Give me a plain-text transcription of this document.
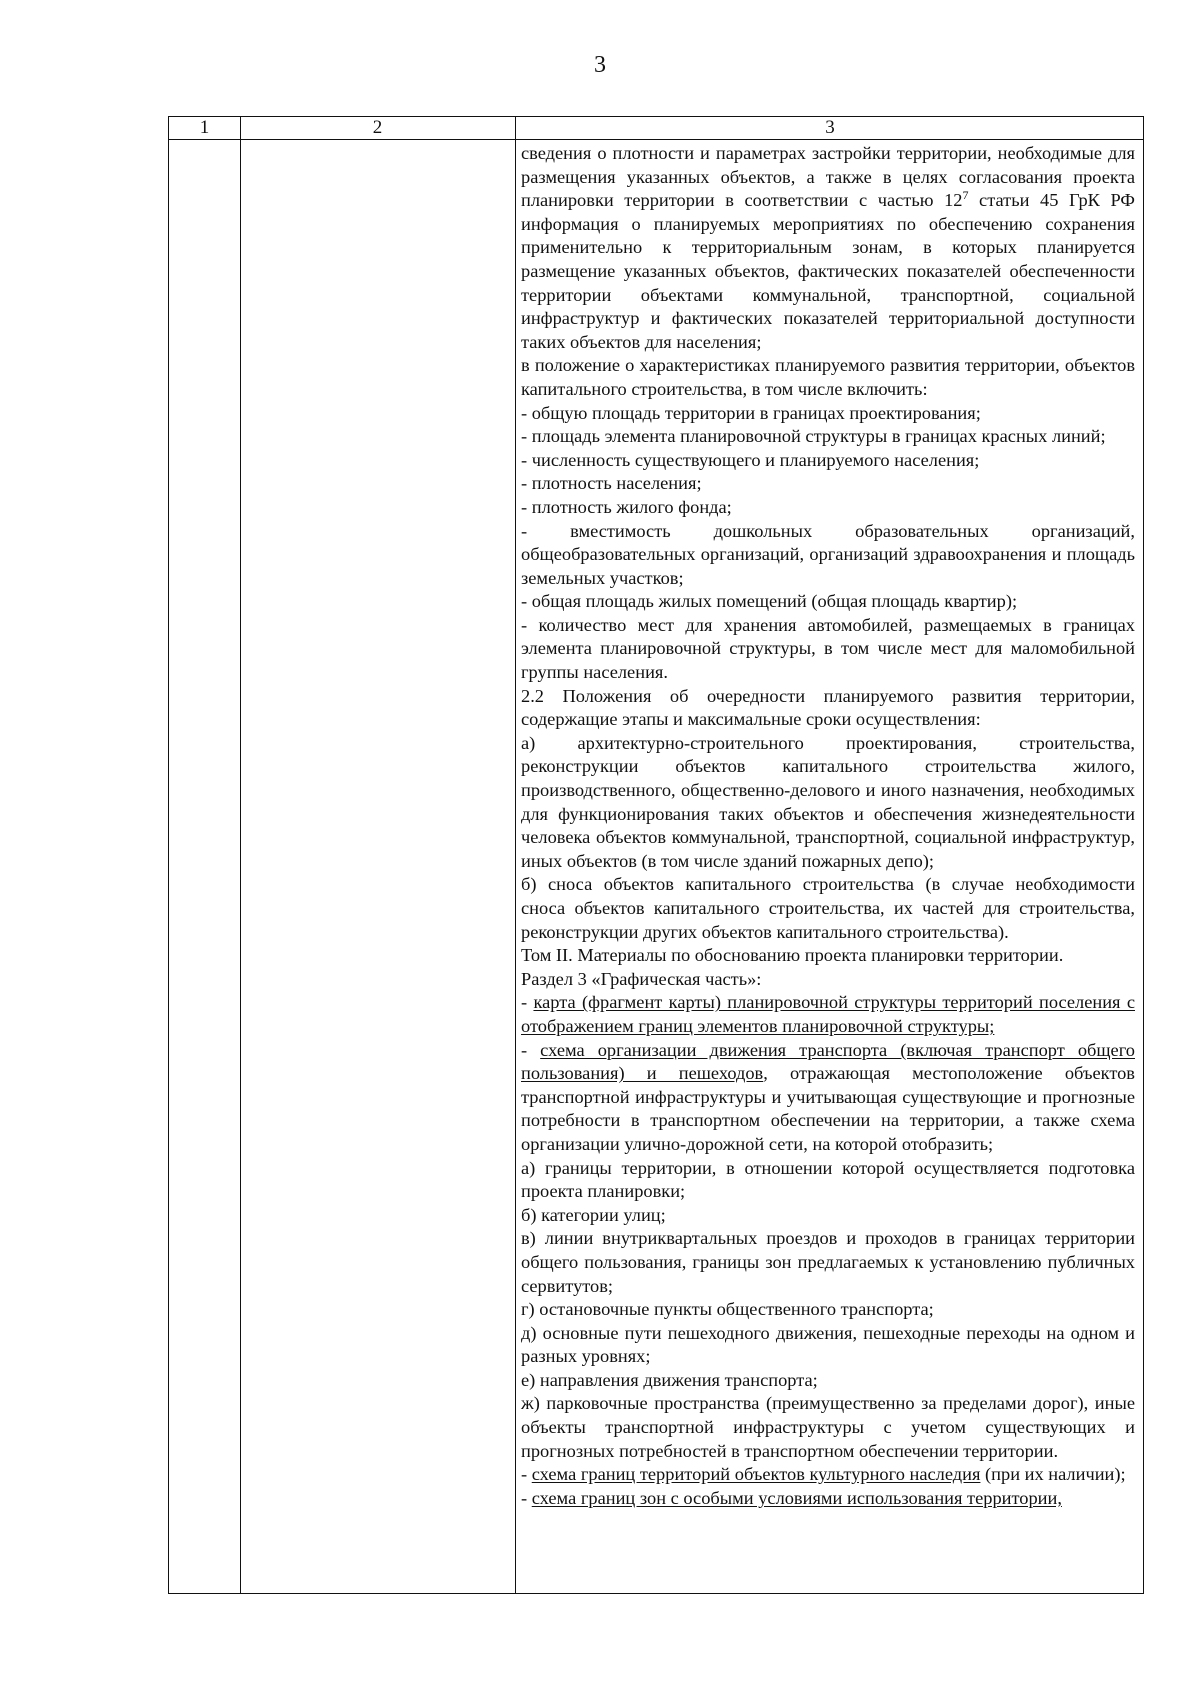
3
1	2	3

сведения о плотности и параметрах застройки территории, необходимые для размещения указанных объектов, а также в целях согласования проекта планировки территории в соответствии с частью $12^7$ статьи 45 ГрК РФ информация о планируемых мероприятиях по обеспечению сохранения применительно к территориальным зонам, в которых планируется размещение указанных объектов, фактических показателей обеспеченности территории объектами коммунальной, транспортной, социальной инфраструктур и фактических показателей территориальной доступности таких объектов для населения;

в положение о характеристиках планируемого развития территории, объектов капитального строительства, в том числе включить:

- общую площадь территории в границах проектирования;

- площадь элемента планировочной структуры в границах красных линий;

- численность существующего и планируемого населения;

- плотность населения;

- плотность жилого фонда;

- вместимость дошкольных образовательных организаций, общеобразовательных организаций, организаций здравоохранения и площадь земельных участков;

- общая площадь жилых помещений (общая площадь квартир);

- количество мест для хранения автомобилей, размещаемых в границах элемента планировочной структуры, в том числе мест для маломобильной группы населения.

2.2 Положения об очередности планируемого развития территории, содержащие этапы и максимальные сроки осуществления:

а) архитектурно-строительного проектирования, строительства, реконструкции объектов капитального строительства жилого, производственного, общественно-делового и иного назначения, необходимых для функционирования таких объектов и обеспечения жизнедеятельности человека объектов коммунальной, транспортной, социальной инфраструктур, иных объектов (в том числе зданий пожарных депо);

б) сноса объектов капитального строительства (в случае необходимости сноса объектов капитального строительства, их частей для строительства, реконструкции других объектов капитального строительства).

Том II. Материалы по обоснованию проекта планировки территории.

Раздел 3 «Графическая часть»:

- карта (фрагмент карты) планировочной структуры территорий поселения с отображением границ элементов планировочной структуры;

- схема организации движения транспорта (включая транспорт общего пользования) и пешеходов, отражающая местоположение объектов транспортной инфраструктуры и учитывающая существующие и прогнозные потребности в транспортном обеспечении на территории, а также схема организации улично-дорожной сети, на которой отобразить;

а) границы территории, в отношении которой осуществляется подготовка проекта планировки;

б) категории улиц;

в) линии внутриквартальных проездов и проходов в границах территории общего пользования, границы зон предлагаемых к установлению публичных сервитутов;

г) остановочные пункты общественного транспорта;

д) основные пути пешеходного движения, пешеходные переходы на одном и разных уровнях;

е) направления движения транспорта;

ж) парковочные пространства (преимущественно за пределами дорог), иные объекты транспортной инфраструктуры с учетом существующих и прогнозных потребностей в транспортном обеспечении территории.

- схема границ территорий объектов культурного наследия (при их наличии);

- схема границ зон с особыми условиями использования территории,
